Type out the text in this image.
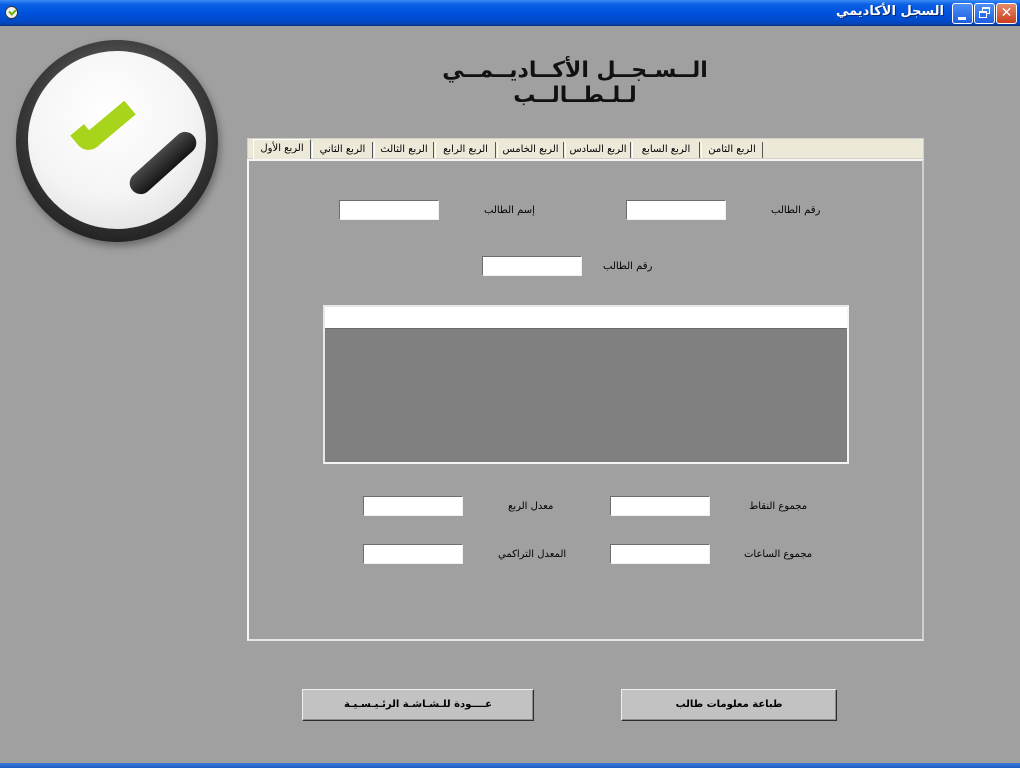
السجل الأكاديمي	✕
الــسـجــل الأكــاديــمــي لـلـطــالــب
الربع الأول	الربع الثاني	الربع الثالث	الربع الرابع	الربع الخامس	الربع السادس	الربع السابع	الربع الثامن
رقم الطالب
إسم الطالب
رقم الطالب
مجموع النقاط
معدل الربع
مجموع الساعات
المعدل التراكمي
عــــودة للـشـاشـة الرئـيـسـيـة	طباعة معلومات طالب
